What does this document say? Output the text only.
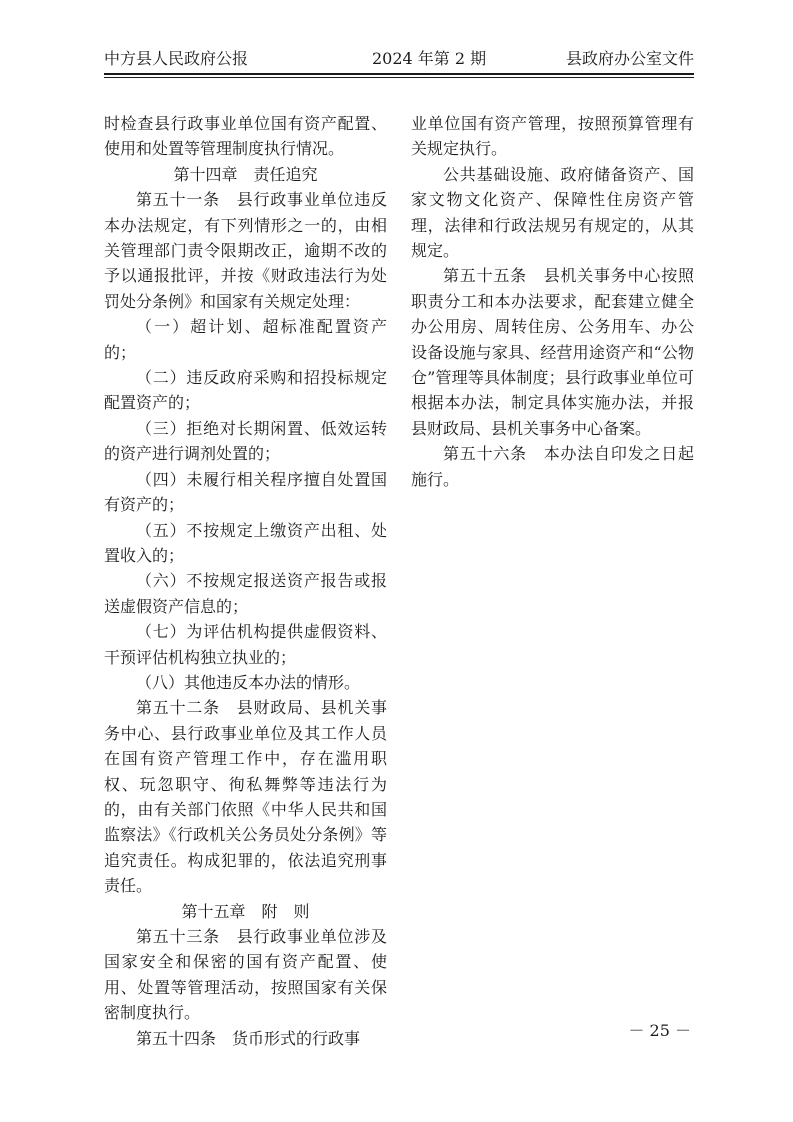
中方县人民政府公报	2024 年第 2 期	县政府办公室文件

时检查县行政事业单位国有资产配置、使用和处置等管理制度执行情况。

第十四章　责任追究

第五十一条　县行政事业单位违反本办法规定，有下列情形之一的，由相关管理部门责令限期改正，逾期不改的予以通报批评，并按《财政违法行为处罚处分条例》和国家有关规定处理：

（一）超计划、超标准配置资产的；

（二）违反政府采购和招投标规定配置资产的；

（三）拒绝对长期闲置、低效运转的资产进行调剂处置的；

（四）未履行相关程序擅自处置国有资产的；

（五）不按规定上缴资产出租、处置收入的；

（六）不按规定报送资产报告或报送虚假资产信息的；

（七）为评估机构提供虚假资料、干预评估机构独立执业的；

（八）其他违反本办法的情形。

第五十二条　县财政局、县机关事务中心、县行政事业单位及其工作人员在国有资产管理工作中，存在滥用职权、玩忽职守、徇私舞弊等违法行为的，由有关部门依照《中华人民共和国监察法》《行政机关公务员处分条例》等追究责任。构成犯罪的，依法追究刑事责任。

第十五章　附　则

第五十三条　县行政事业单位涉及国家安全和保密的国有资产配置、使用、处置等管理活动，按照国家有关保密制度执行。

第五十四条　货币形式的行政事

业单位国有资产管理，按照预算管理有关规定执行。

公共基础设施、政府储备资产、国家文物文化资产、保障性住房资产管理，法律和行政法规另有规定的，从其规定。

第五十五条　县机关事务中心按照职责分工和本办法要求，配套建立健全办公用房、周转住房、公务用车、办公设备设施与家具、经营用途资产和“公物仓”管理等具体制度；县行政事业单位可根据本办法，制定具体实施办法，并报县财政局、县机关事务中心备案。

第五十六条　本办法自印发之日起施行。

－ 25 －
